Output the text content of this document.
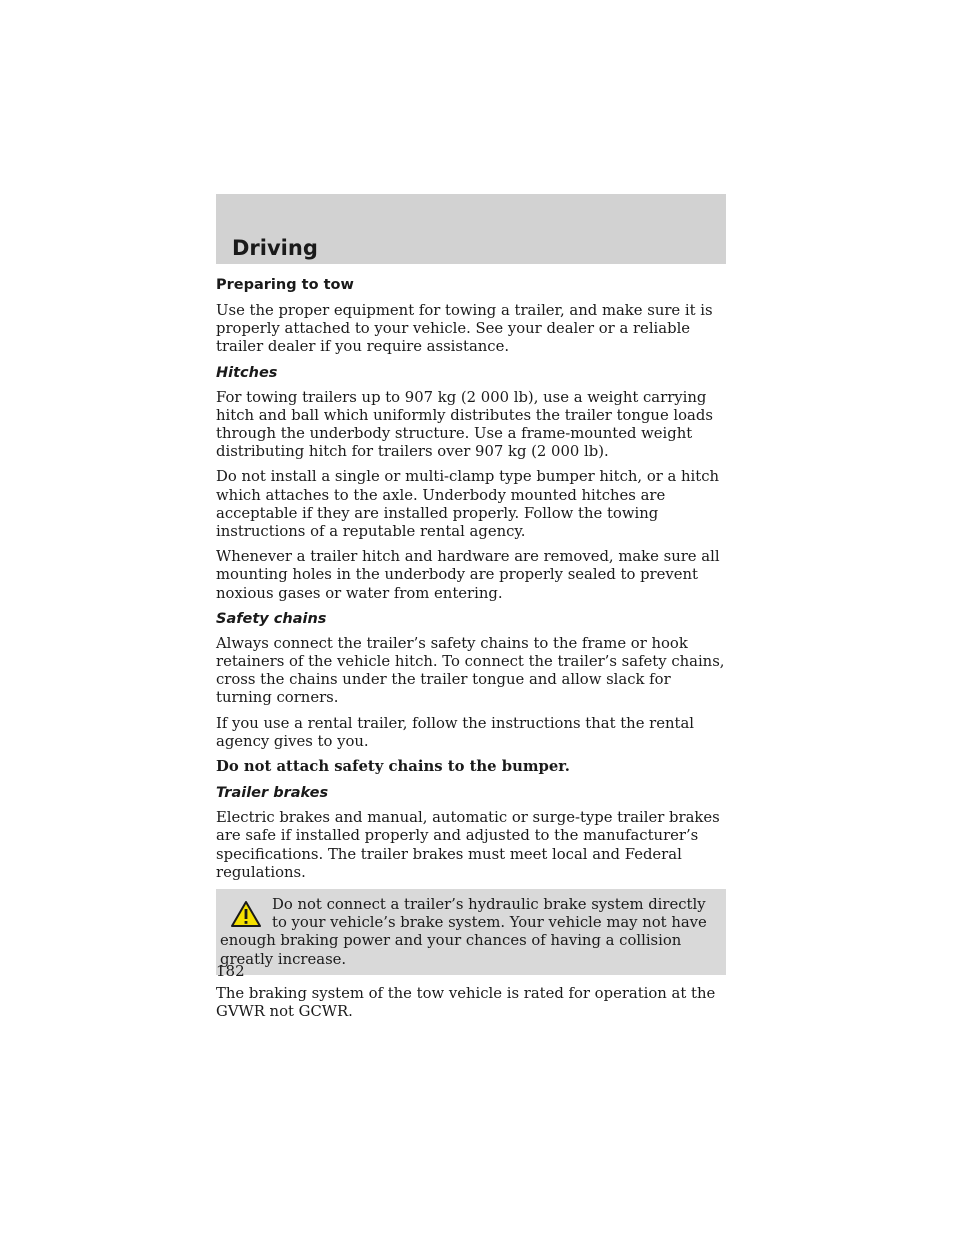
Driving
Preparing to tow

Use the proper equipment for towing a trailer, and make sure it is properly attached to your vehicle. See your dealer or a reliable trailer dealer if you require assistance.

Hitches

For towing trailers up to 907 kg (2 000 lb), use a weight carrying hitch and ball which uniformly distributes the trailer tongue loads through the underbody structure. Use a frame-mounted weight distributing hitch for trailers over 907 kg (2 000 lb).

Do not install a single or multi-clamp type bumper hitch, or a hitch which attaches to the axle. Underbody mounted hitches are acceptable if they are installed properly. Follow the towing instructions of a reputable rental agency.

Whenever a trailer hitch and hardware are removed, make sure all mounting holes in the underbody are properly sealed to prevent noxious gases or water from entering.

Safety chains

Always connect the trailer’s safety chains to the frame or hook retainers of the vehicle hitch. To connect the trailer’s safety chains, cross the chains under the trailer tongue and allow slack for turning corners.

If you use a rental trailer, follow the instructions that the rental agency gives to you.

Do not attach safety chains to the bumper.

Trailer brakes

Electric brakes and manual, automatic or surge-type trailer brakes are safe if installed properly and adjusted to the manufacturer’s specifications. The trailer brakes must meet local and Federal regulations.

Do not connect a trailer’s hydraulic brake system directly to your vehicle’s brake system. Your vehicle may not have enough braking power and your chances of having a collision greatly increase.

The braking system of the tow vehicle is rated for operation at the GVWR not GCWR.

182
